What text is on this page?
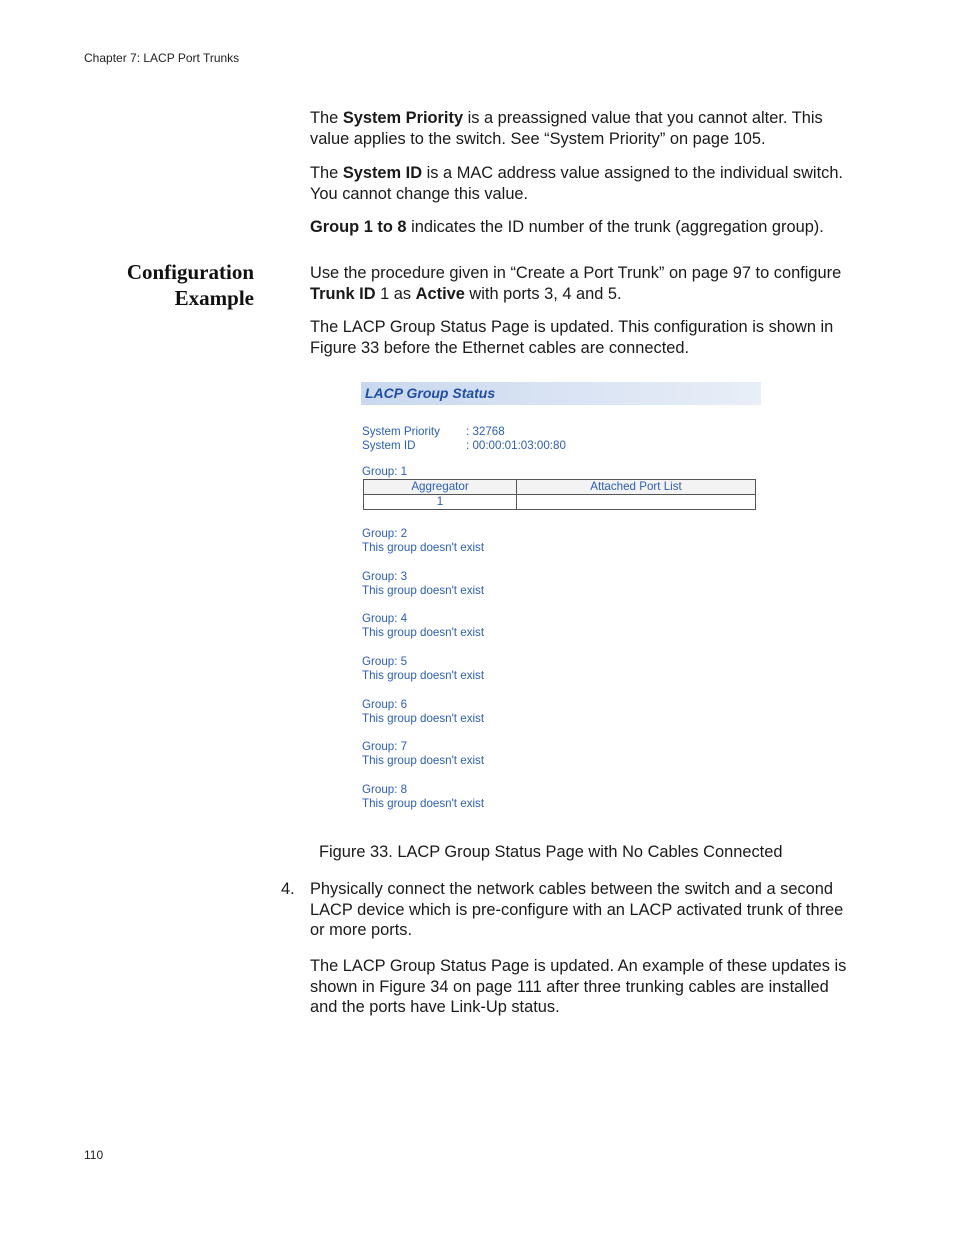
Chapter 7: LACP Port Trunks
The System Priority is a preassigned value that you cannot alter. This value applies to the switch. See “System Priority” on page 105.
The System ID is a MAC address value assigned to the individual switch. You cannot change this value.
Group 1 to 8 indicates the ID number of the trunk (aggregation group).
Configuration
Example
Use the procedure given in “Create a Port Trunk” on page 97 to configure Trunk ID 1 as Active with ports 3, 4 and 5.
The LACP Group Status Page is updated. This configuration is shown in Figure 33 before the Ethernet cables are connected.
LACP Group Status
System Priority : 32768
System ID	: 00:00:01:03:00:80
Group: 1
Aggregator	Attached Port List
1	
Group: 2
This group doesn't exist
Group: 3
This group doesn't exist
Group: 4
This group doesn't exist
Group: 5
This group doesn't exist
Group: 6
This group doesn't exist
Group: 7
This group doesn't exist
Group: 8
This group doesn't exist
Figure 33. LACP Group Status Page with No Cables Connected
4. Physically connect the network cables between the switch and a second LACP device which is pre-configure with an LACP activated trunk of three or more ports.
The LACP Group Status Page is updated. An example of these updates is shown in Figure 34 on page 111 after three trunking cables are installed and the ports have Link-Up status.
110
